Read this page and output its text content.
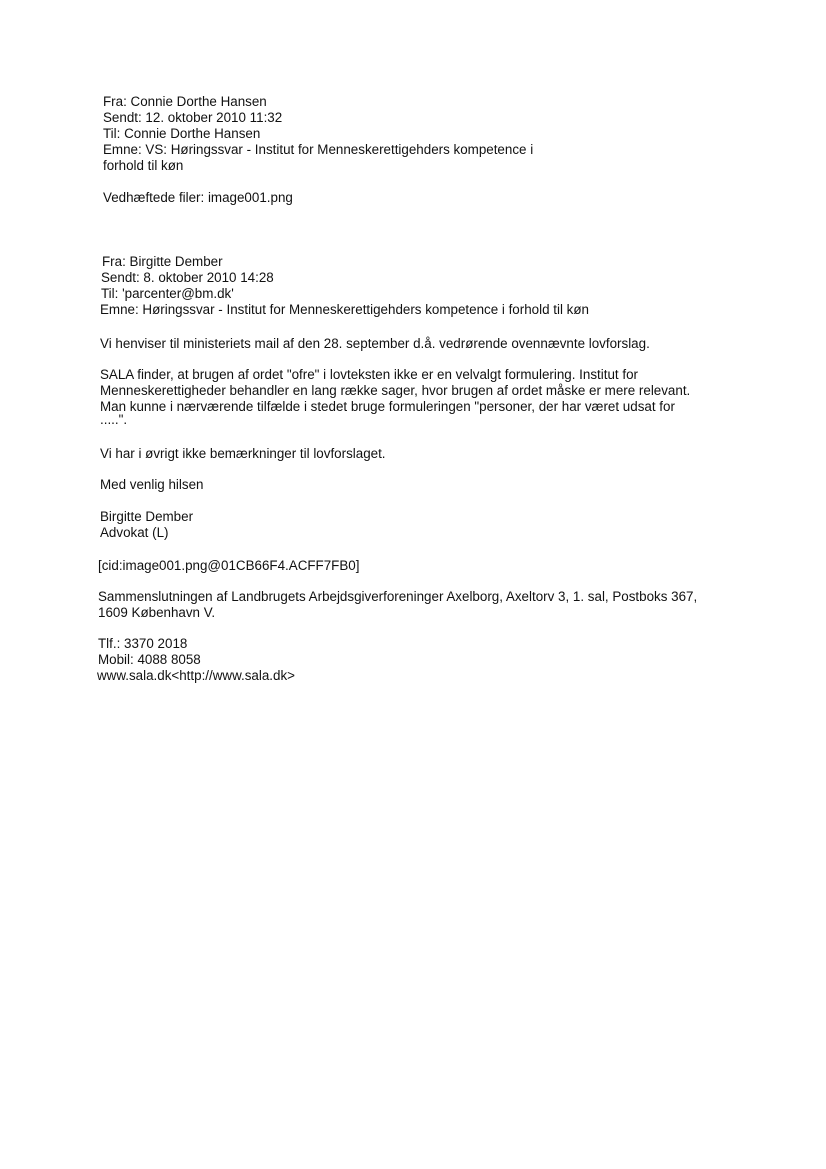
Fra: Connie Dorthe Hansen
Sendt: 12. oktober 2010 11:32
Til: Connie Dorthe Hansen
Emne: VS: Høringssvar - Institut for Menneskerettigehders kompetence i
forhold til køn
Vedhæftede filer: image001.png
Fra: Birgitte Dember
Sendt: 8. oktober 2010 14:28
Til: 'parcenter@bm.dk'
Emne: Høringssvar - Institut for Menneskerettigehders kompetence i forhold til køn
Vi henviser til ministeriets mail af den 28. september d.å. vedrørende ovennævnte lovforslag.
SALA finder, at brugen af ordet "ofre" i lovteksten ikke er en velvalgt formulering. Institut for
Menneskerettigheder behandler en lang række sager, hvor brugen af ordet måske er mere relevant.
Man kunne i nærværende tilfælde i stedet bruge formuleringen "personer, der har været udsat for
.....".
Vi har i øvrigt ikke bemærkninger til lovforslaget.
Med venlig hilsen
Birgitte Dember
Advokat (L)
[cid:image001.png@01CB66F4.ACFF7FB0]
Sammenslutningen af Landbrugets Arbejdsgiverforeninger Axelborg, Axeltorv 3, 1. sal, Postboks 367,
1609 København V.
Tlf.: 3370 2018
Mobil: 4088 8058
www.sala.dk<http://www.sala.dk>
